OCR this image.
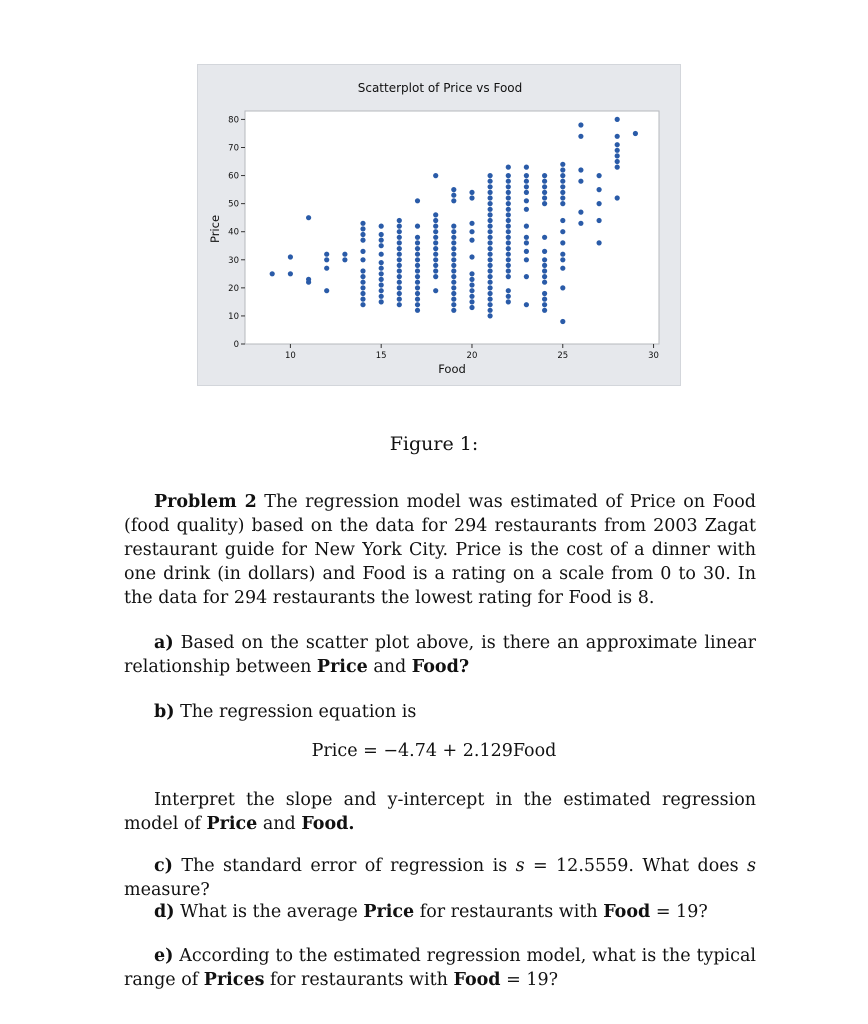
Scatterplot of Price vs Food
Food
Price
10	15	20	25	30
0
10
20
30
40
50
60
70
80
Figure 1:
Problem 2 The regression model was estimated of Price on Food (food quality) based on the data for 294 restaurants from 2003 Zagat restaurant guide for New York City. Price is the cost of a dinner with one drink (in dollars) and Food is a rating on a scale from 0 to 30. In the data for 294 restaurants the lowest rating for Food is 8.
a) Based on the scatter plot above, is there an approximate linear relationship between Price and Food?
b) The regression equation is
Price = −4.74 + 2.129Food
Interpret the slope and y-intercept in the estimated regression model of Price and Food.
c) The standard error of regression is s = 12.5559. What does s measure?
d) What is the average Price for restaurants with Food = 19?
e) According to the estimated regression model, what is the typical range of Prices for restaurants with Food = 19?
